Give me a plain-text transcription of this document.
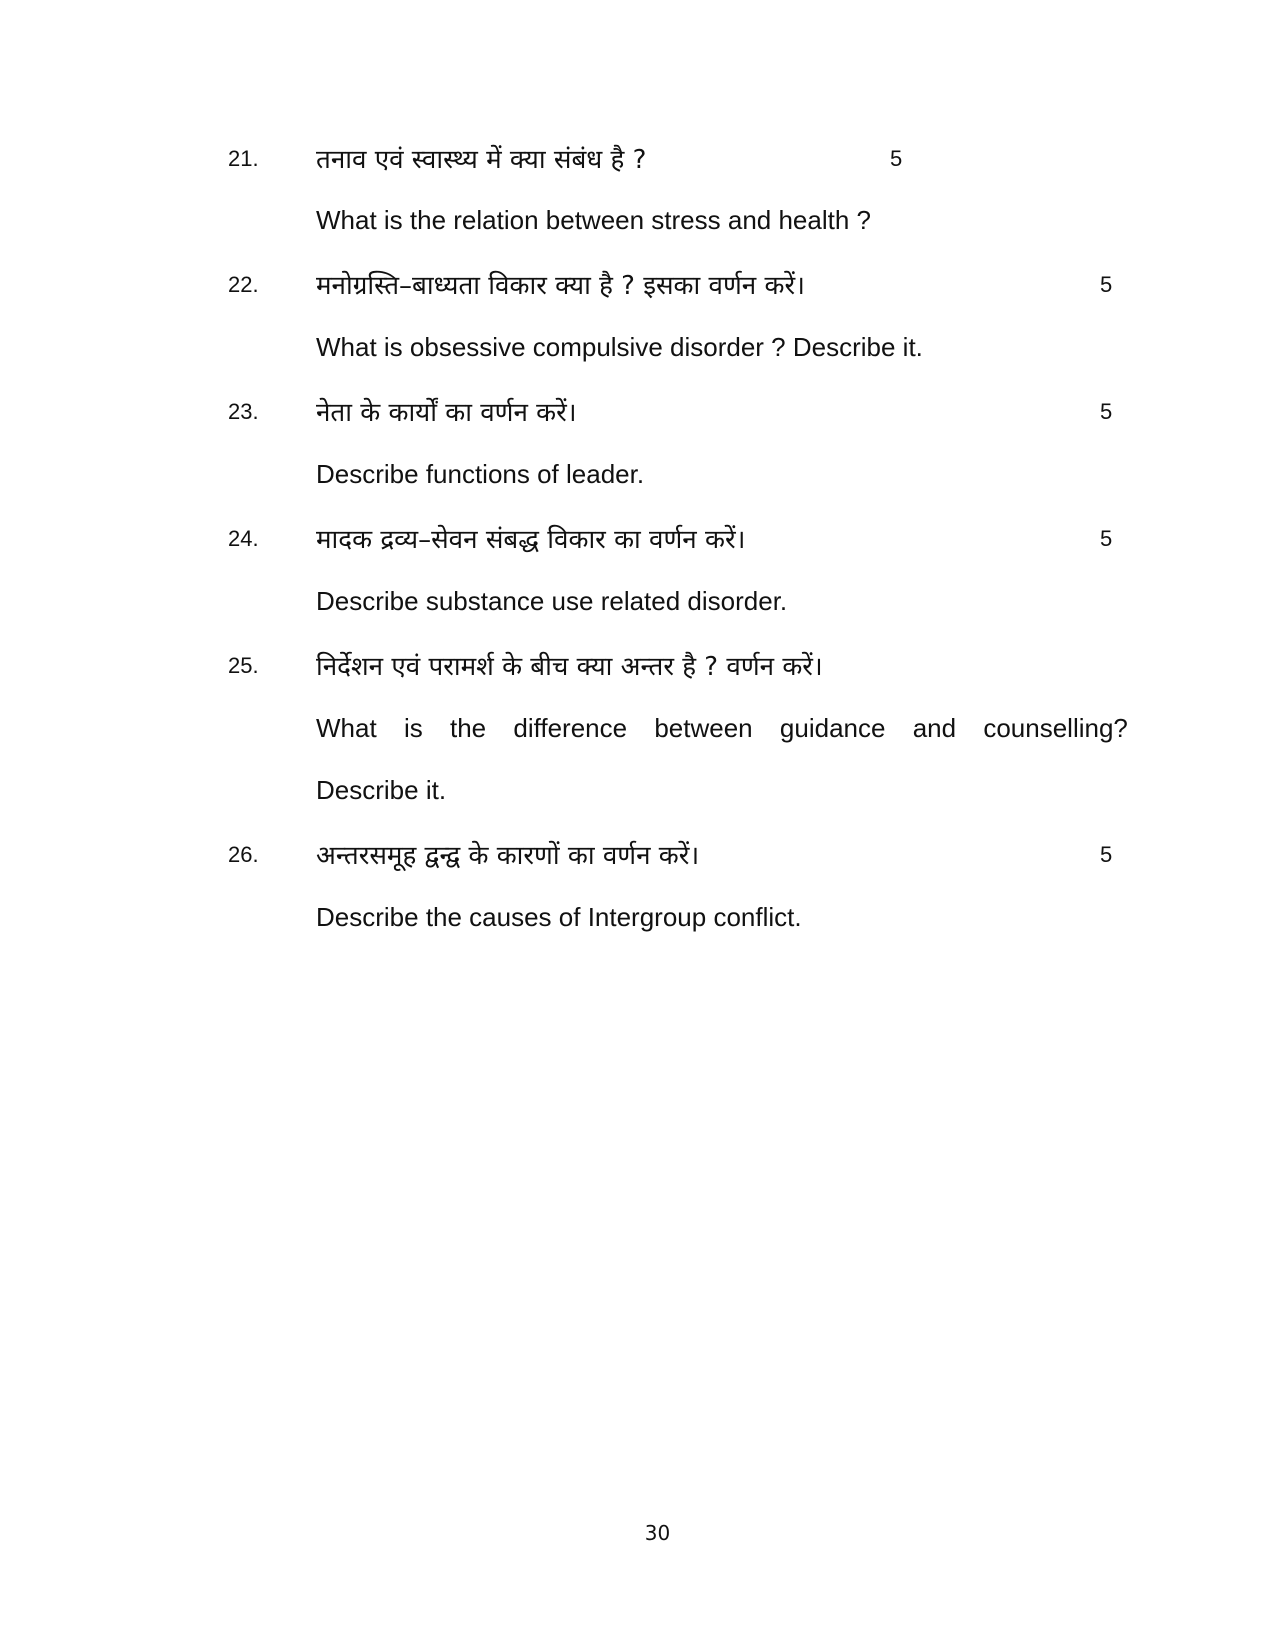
21. तनाव एवं स्वास्थ्य में क्या संबंध है ?	5
What is the relation between stress and health ?
22. मनोग्रस्ति–बाध्यता विकार क्या है ? इसका वर्णन करें।	5
What is obsessive compulsive disorder ? Describe it.
23. नेता के कार्यों का वर्णन करें।	5
Describe functions of leader.
24. मादक द्रव्य–सेवन संबद्ध विकार का वर्णन करें।	5
Describe substance use related disorder.
25. निर्देशन एवं परामर्श के बीच क्या अन्तर है ? वर्णन करें।
What is the difference between guidance and counselling?
Describe it.
26. अन्तरसमूह द्वन्द्व के कारणों का वर्णन करें।	5
Describe the causes of Intergroup conflict.
30
